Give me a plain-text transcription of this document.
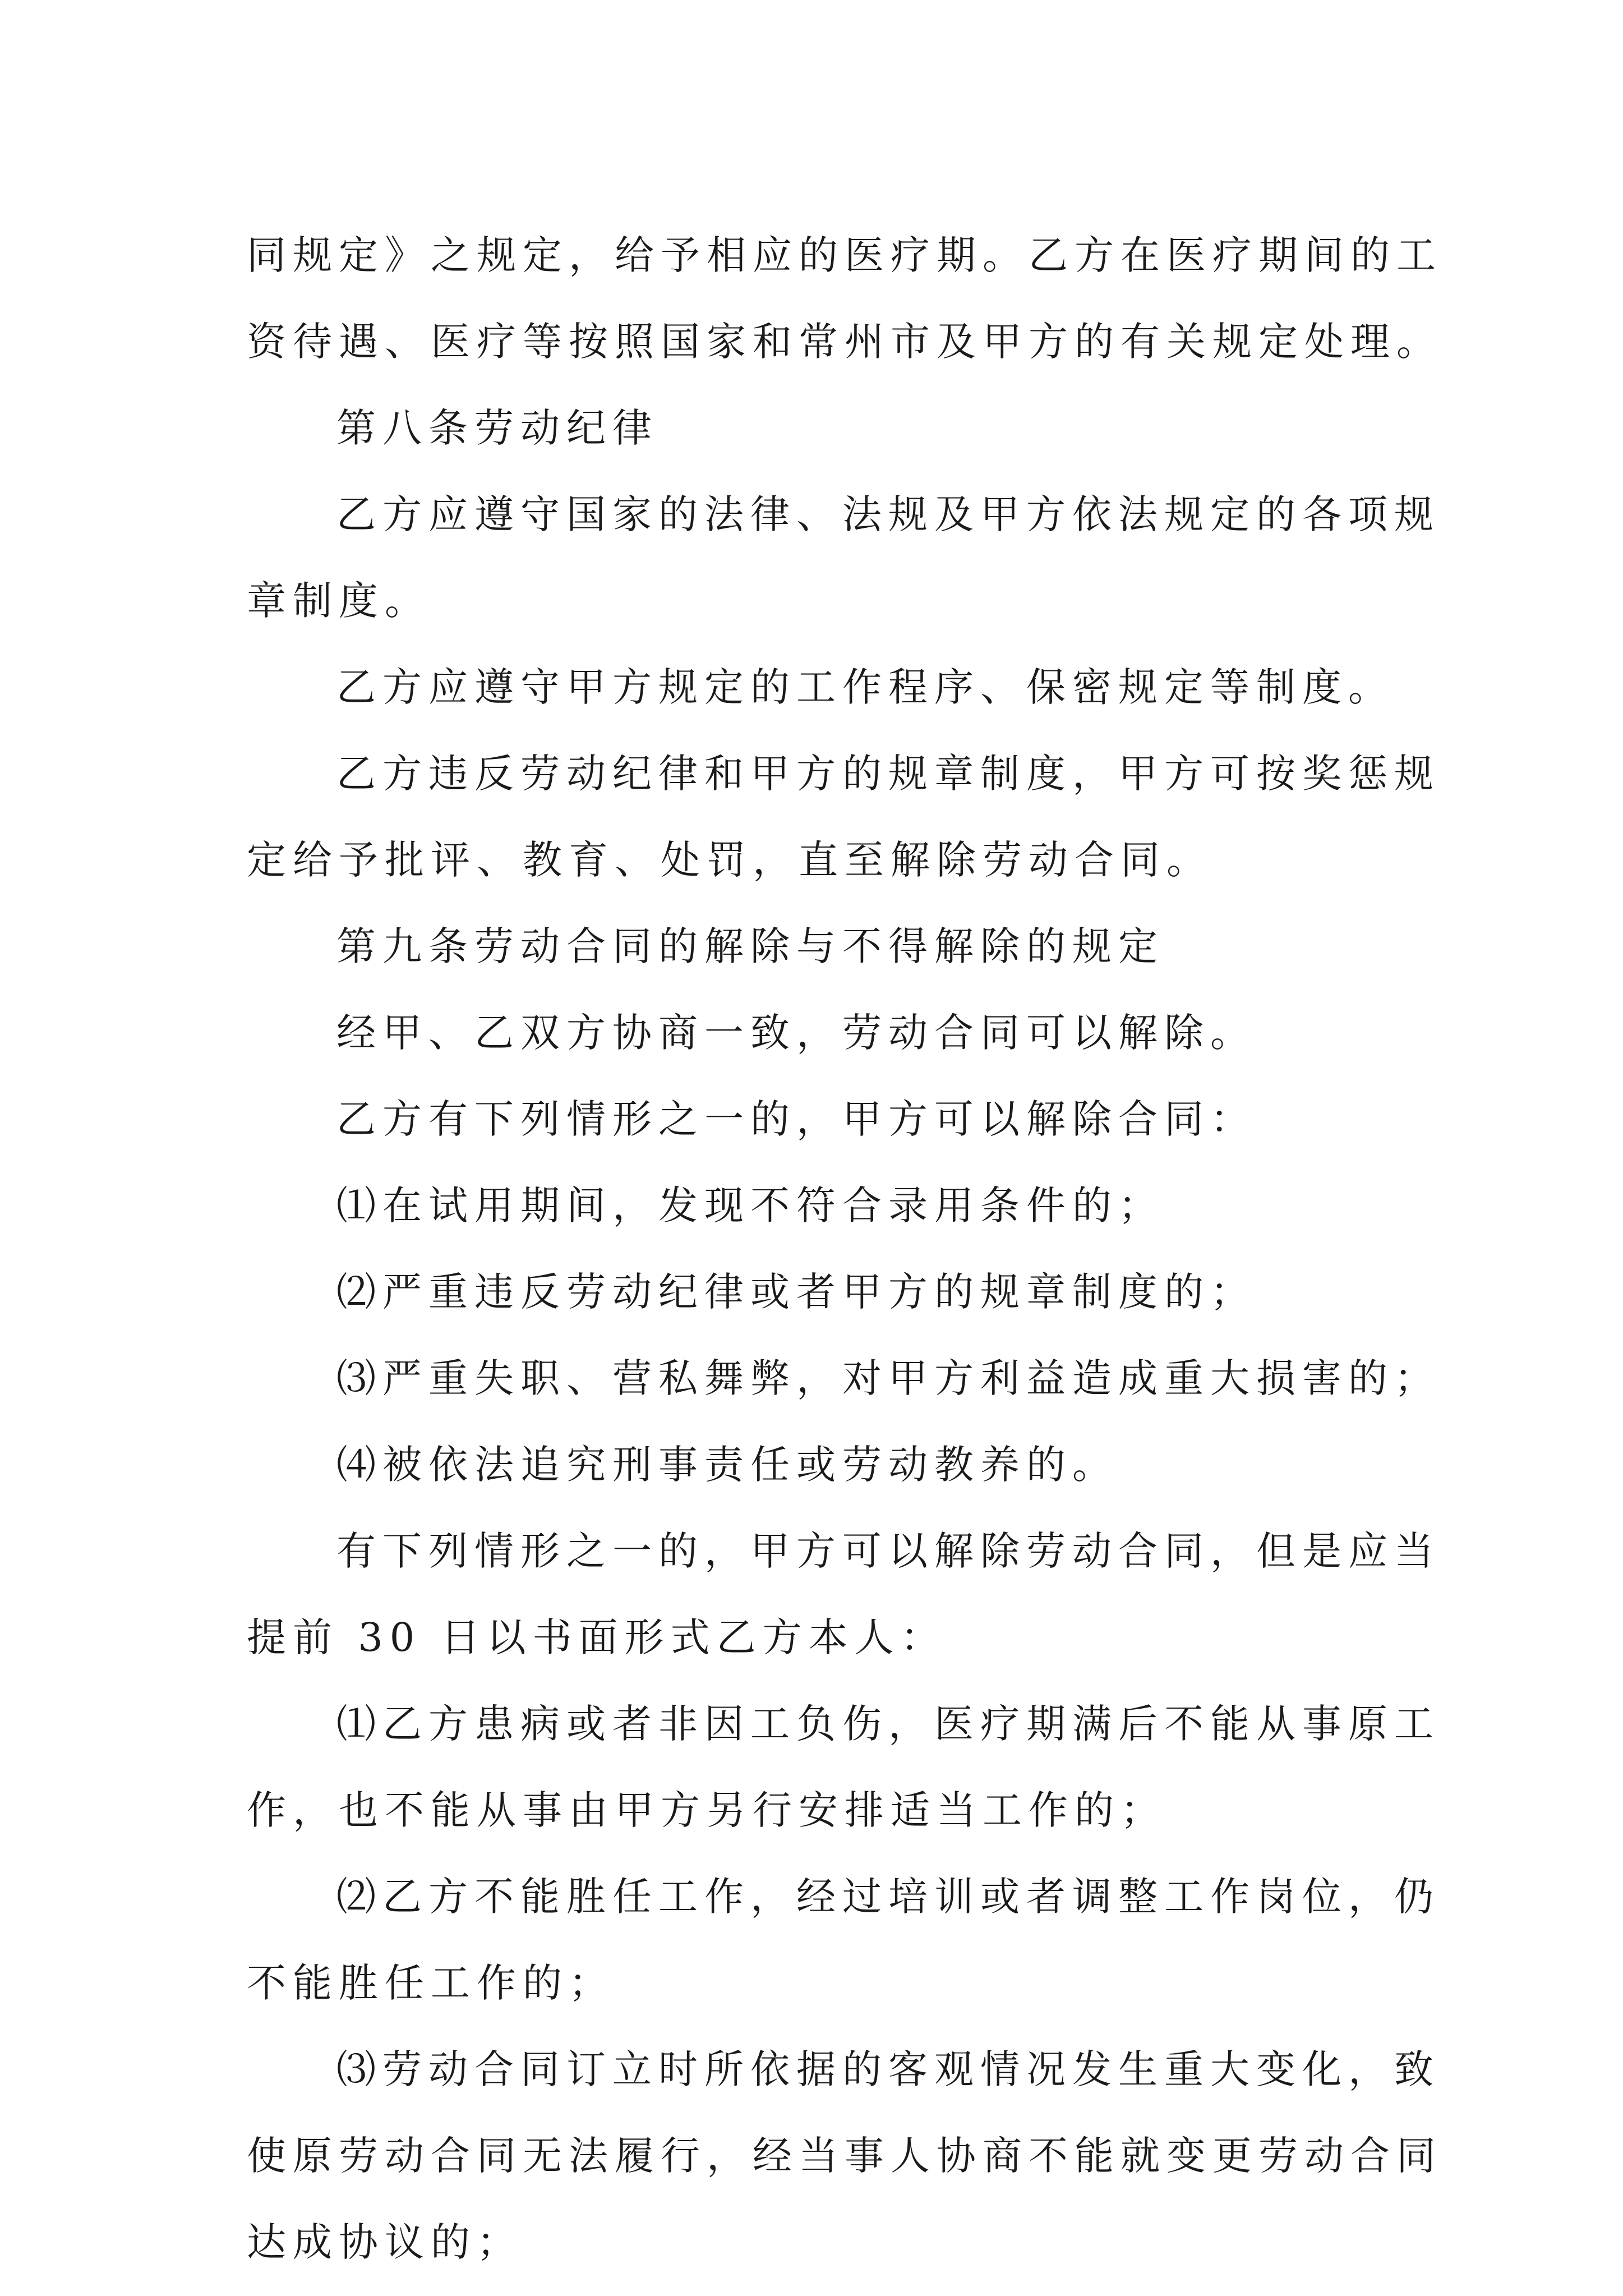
同规定》之规定，给予相应的医疗期。乙方在医疗期间的工
资待遇、医疗等按照国家和常州市及甲方的有关规定处理。
第八条劳动纪律
乙方应遵守国家的法律、法规及甲方依法规定的各项规
章制度。
乙方应遵守甲方规定的工作程序、保密规定等制度。
乙方违反劳动纪律和甲方的规章制度，甲方可按奖惩规
定给予批评、教育、处罚，直至解除劳动合同。
第九条劳动合同的解除与不得解除的规定
经甲、乙双方协商一致，劳动合同可以解除。
乙方有下列情形之一的，甲方可以解除合同：
⑴在试用期间，发现不符合录用条件的；
⑵严重违反劳动纪律或者甲方的规章制度的；
⑶严重失职、营私舞弊，对甲方利益造成重大损害的；
⑷被依法追究刑事责任或劳动教养的。
有下列情形之一的，甲方可以解除劳动合同，但是应当
提前 30 日以书面形式乙方本人：
⑴乙方患病或者非因工负伤，医疗期满后不能从事原工
作，也不能从事由甲方另行安排适当工作的；
⑵乙方不能胜任工作，经过培训或者调整工作岗位，仍
不能胜任工作的；
⑶劳动合同订立时所依据的客观情况发生重大变化，致
使原劳动合同无法履行，经当事人协商不能就变更劳动合同
达成协议的；
